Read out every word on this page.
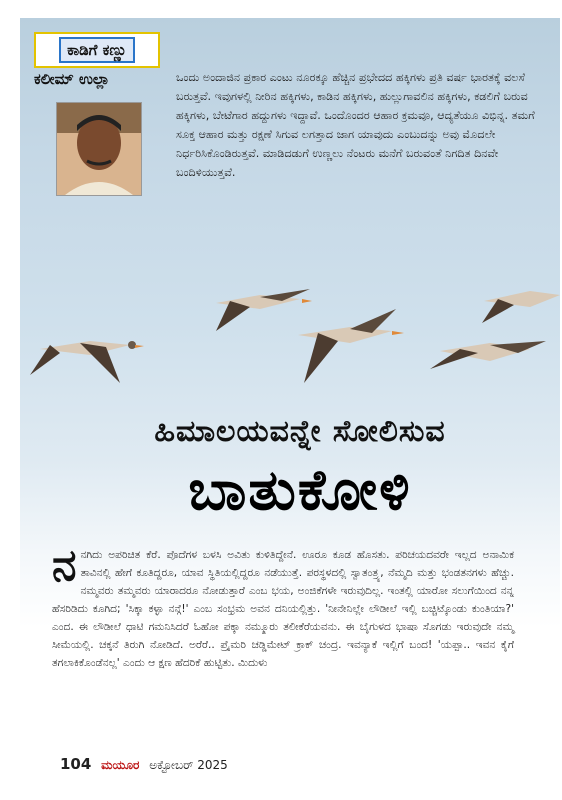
ಕಾಡಿಗೆ ಕಣ್ಣು
ಕಲೀಮ್ ಉಲ್ಲಾ	ಒಂದು ಅಂದಾಜಿನ ಪ್ರಕಾರ ಎಂಟು ನೂರಕ್ಕೂ ಹೆಚ್ಚಿನ ಪ್ರಭೇದದ ಹಕ್ಕಿಗಳು ಪ್ರತಿ ವರ್ಷ ಭಾರತಕ್ಕೆ ವಲಸೆ ಬರುತ್ತವೆ. ಇವುಗಳಲ್ಲಿ ನೀರಿನ ಹಕ್ಕಿಗಳು, ಕಾಡಿನ ಹಕ್ಕಿಗಳು, ಹುಲ್ಲುಗಾವಲಿನ ಹಕ್ಕಿಗಳು, ಕಡಲಿಗೆ ಬರುವ ಹಕ್ಕಿಗಳು, ಬೇಟೆಗಾರ ಹದ್ದುಗಳು ಇದ್ದಾವೆ. ಒಂದೊಂದರ ಆಹಾರ ಕ್ರಮವೂ, ಆದ್ಯತೆಯೂ ವಿಭಿನ್ನ. ತಮಗೆ ಸೂಕ್ತ ಆಹಾರ ಮತ್ತು ರಕ್ಷಣೆ ಸಿಗುವ ಲಗತ್ತಾದ ಜಾಗ ಯಾವುದು ಎಂಬುದನ್ನು ಅವು ಮೊದಲೇ ನಿರ್ಧರಿಸಿಕೊಂಡಿರುತ್ತವೆ. ಮಾಡಿದಡುಗೆ ಉಣ್ಣಲು ನೆಂಟರು ಮನೆಗೆ ಬರುವಂತೆ ನಿಗದಿತ ದಿನವೇ ಬಂದಿಳಿಯುತ್ತವೆ.

ಹಿಮಾಲಯವನ್ನೇ ಸೋಲಿಸುವ
ಬಾತುಕೋಳಿ

ನನಗಿದು ಅಪರಿಚಿತ ಕೆರೆ. ಪೊದೆಗಳ ಬಳಸಿ ಅವಿತು ಕುಳಿತಿದ್ದೇನೆ. ಊರೂ ಕೂಡ ಹೊಸತು. ಪರಿಚಯದವರೇ ಇಲ್ಲದ ಅನಾಮಿಕ ತಾವಿನಲ್ಲಿ ಹೇಗೆ ಕೂತಿದ್ದರೂ, ಯಾವ ಸ್ಥಿತಿಯಲ್ಲಿದ್ದರೂ ನಡೆಯುತ್ತೆ. ಪರಸ್ಥಳದಲ್ಲಿ ಸ್ವಾತಂತ್ರ್ಯ, ನೆಮ್ಮದಿ ಮತ್ತು ಭಂಡತನಗಳು ಹೆಚ್ಚು. ನಮ್ಮವರು ತಮ್ಮವರು ಯಾರಾದರೂ ನೋಡುತ್ತಾರೆ ಎಂಬ ಭಯ, ಅಂಜಿಕೆಗಳೇ ಇರುವುದಿಲ್ಲ. ಇಂತಲ್ಲಿ ಯಾರೋ ಸಲುಗೆಯಿಂದ ನನ್ನ ಹೆಸರಿಡಿದು ಕೂಗಿದ; 'ಸಿಕ್ಕಾ ಕಳ್ಳಾ ನನ್ಗೆ!' ಎಂಬ ಸಂಭ್ರಮ ಅವನ ದನಿಯಲ್ಲಿತ್ತು. 'ನೀನೇನಿಲ್ಲೇ ಲೌಡೀಲೆ ಇಲ್ಲಿ ಬಚ್ಚಿಟ್ಕೊಂಡು ಕುಂತಿಯಾ?' ಎಂದ. ಈ ಲೌಡೀಲೆ ಧಾಟಿ ಗಮನಿಸಿದರೆ ಓಹೋ ಪಕ್ಕಾ ನಮ್ಮೂರು ತಲೀಕೆರೆಯವನು. ಈ ಬೈಗುಳದ ಭಾಷಾ ಸೊಗಡು ಇರುವುದೇ ನಮ್ಮ ಸೀಮೆಯಲ್ಲಿ. ಚಕ್ಕನೆ ತಿರುಗಿ ನೋಡಿದೆ. ಅರೆರೆ.. ಪ್ರೈಮರಿ ಚಡ್ಡಿಮೇಟ್ ಕ್ರಾಕ್ ಚಂದ್ರ. ಇವನ್ಯಾಕೆ ಇಲ್ಲಿಗೆ ಬಂದ! 'ಯಪ್ಪಾ.. ಇವನ ಕೈಗೆ ತಗಲಾಕಿಕೊಂಡೆನಲ್ಲ' ಎಂದು ಆ ಕ್ಷಣ ಹೆದರಿಕೆ ಹುಟ್ಟಿತು. ಮಿದುಳು

104 ಮಯೂರ ಅಕ್ಟೋಬರ್ 2025
